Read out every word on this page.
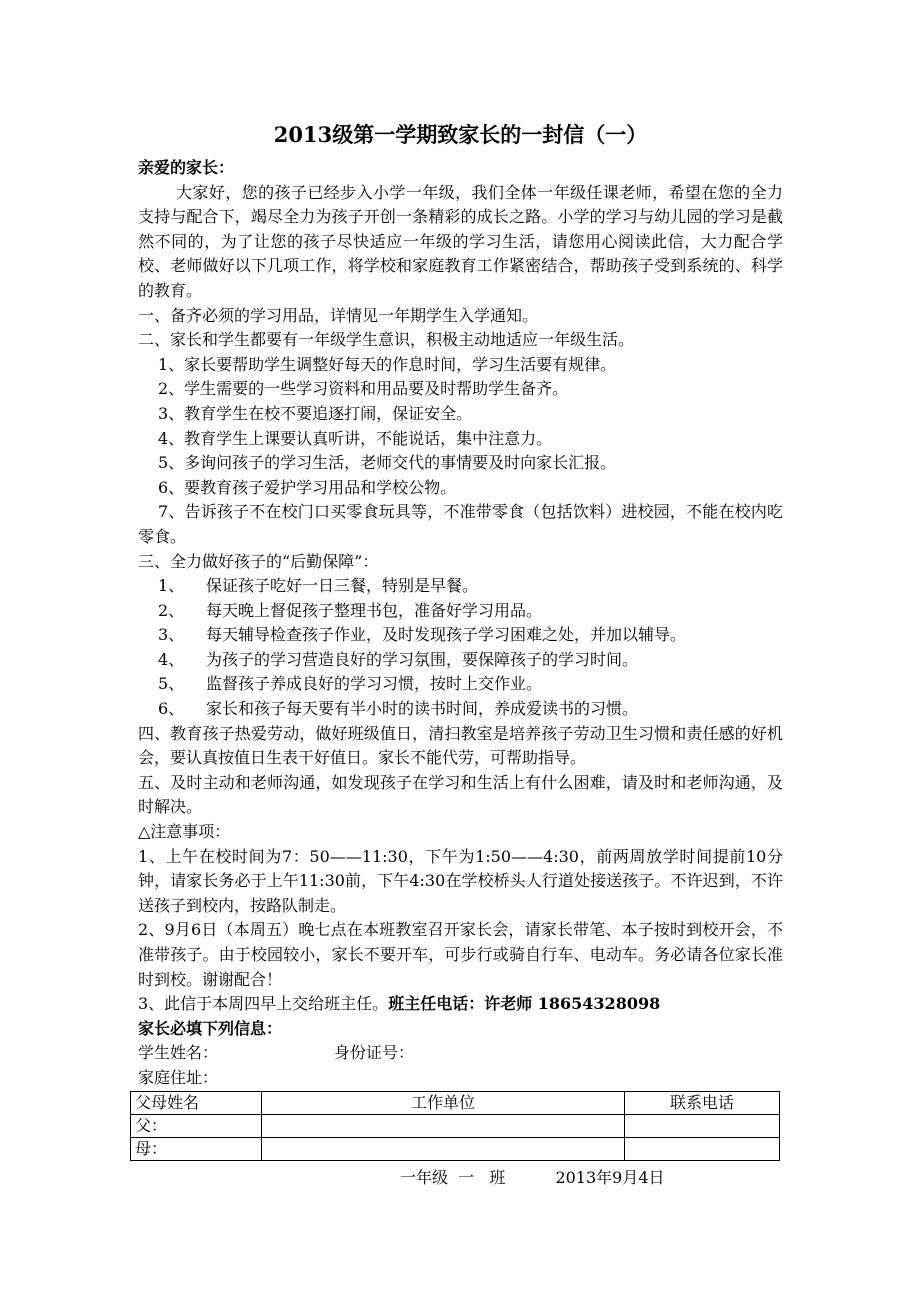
2013级第一学期致家长的一封信（一）
亲爱的家长：

大家好，您的孩子已经步入小学一年级，我们全体一年级任课老师，希望在您的全力支持与配合下，竭尽全力为孩子开创一条精彩的成长之路。小学的学习与幼儿园的学习是截然不同的，为了让您的孩子尽快适应一年级的学习生活，请您用心阅读此信，大力配合学校、老师做好以下几项工作，将学校和家庭教育工作紧密结合，帮助孩子受到系统的、科学的教育。

一、备齐必须的学习用品，详情见一年期学生入学通知。
二、家长和学生都要有一年级学生意识，积极主动地适应一年级生活。
1、家长要帮助学生调整好每天的作息时间，学习生活要有规律。
2、学生需要的一些学习资料和用品要及时帮助学生备齐。
3、教育学生在校不要追逐打闹，保证安全。
4、教育学生上课要认真听讲，不能说话，集中注意力。
5、多询问孩子的学习生活，老师交代的事情要及时向家长汇报。
6、要教育孩子爱护学习用品和学校公物。

7、告诉孩子不在校门口买零食玩具等，不准带零食（包括饮料）进校园，不能在校内吃零食。

三、全力做好孩子的“后勤保障”：
1、 保证孩子吃好一日三餐，特别是早餐。
2、 每天晚上督促孩子整理书包，准备好学习用品。
3、 每天辅导检查孩子作业，及时发现孩子学习困难之处，并加以辅导。
4、 为孩子的学习营造良好的学习氛围，要保障孩子的学习时间。
5、 监督孩子养成良好的学习习惯，按时上交作业。
6、 家长和孩子每天要有半小时的读书时间，养成爱读书的习惯。

四、教育孩子热爱劳动，做好班级值日，清扫教室是培养孩子劳动卫生习惯和责任感的好机会，要认真按值日生表干好值日。家长不能代劳，可帮助指导。

五、及时主动和老师沟通，如发现孩子在学习和生活上有什么困难，请及时和老师沟通，及时解决。

△注意事项：

1、上午在校时间为7：50——11:30，下午为1:50——4:30，前两周放学时间提前10分钟，请家长务必于上午11:30前，下午4:30在学校桥头人行道处接送孩子。不许迟到，不许送孩子到校内，按路队制走。

2、9月6日（本周五）晚七点在本班教室召开家长会，请家长带笔、本子按时到校开会，不准带孩子。由于校园较小，家长不要开车，可步行或骑自行车、电动车。务必请各位家长准时到校。谢谢配合！

3、此信于本周四早上交给班主任。班主任电话：许老师 18654328098
家长必填下列信息：
学生姓名：	身份证号：
家庭住址：
父母姓名	工作单位	联系电话
父：		
母：		
一年级  一   班	2013年9月4日
